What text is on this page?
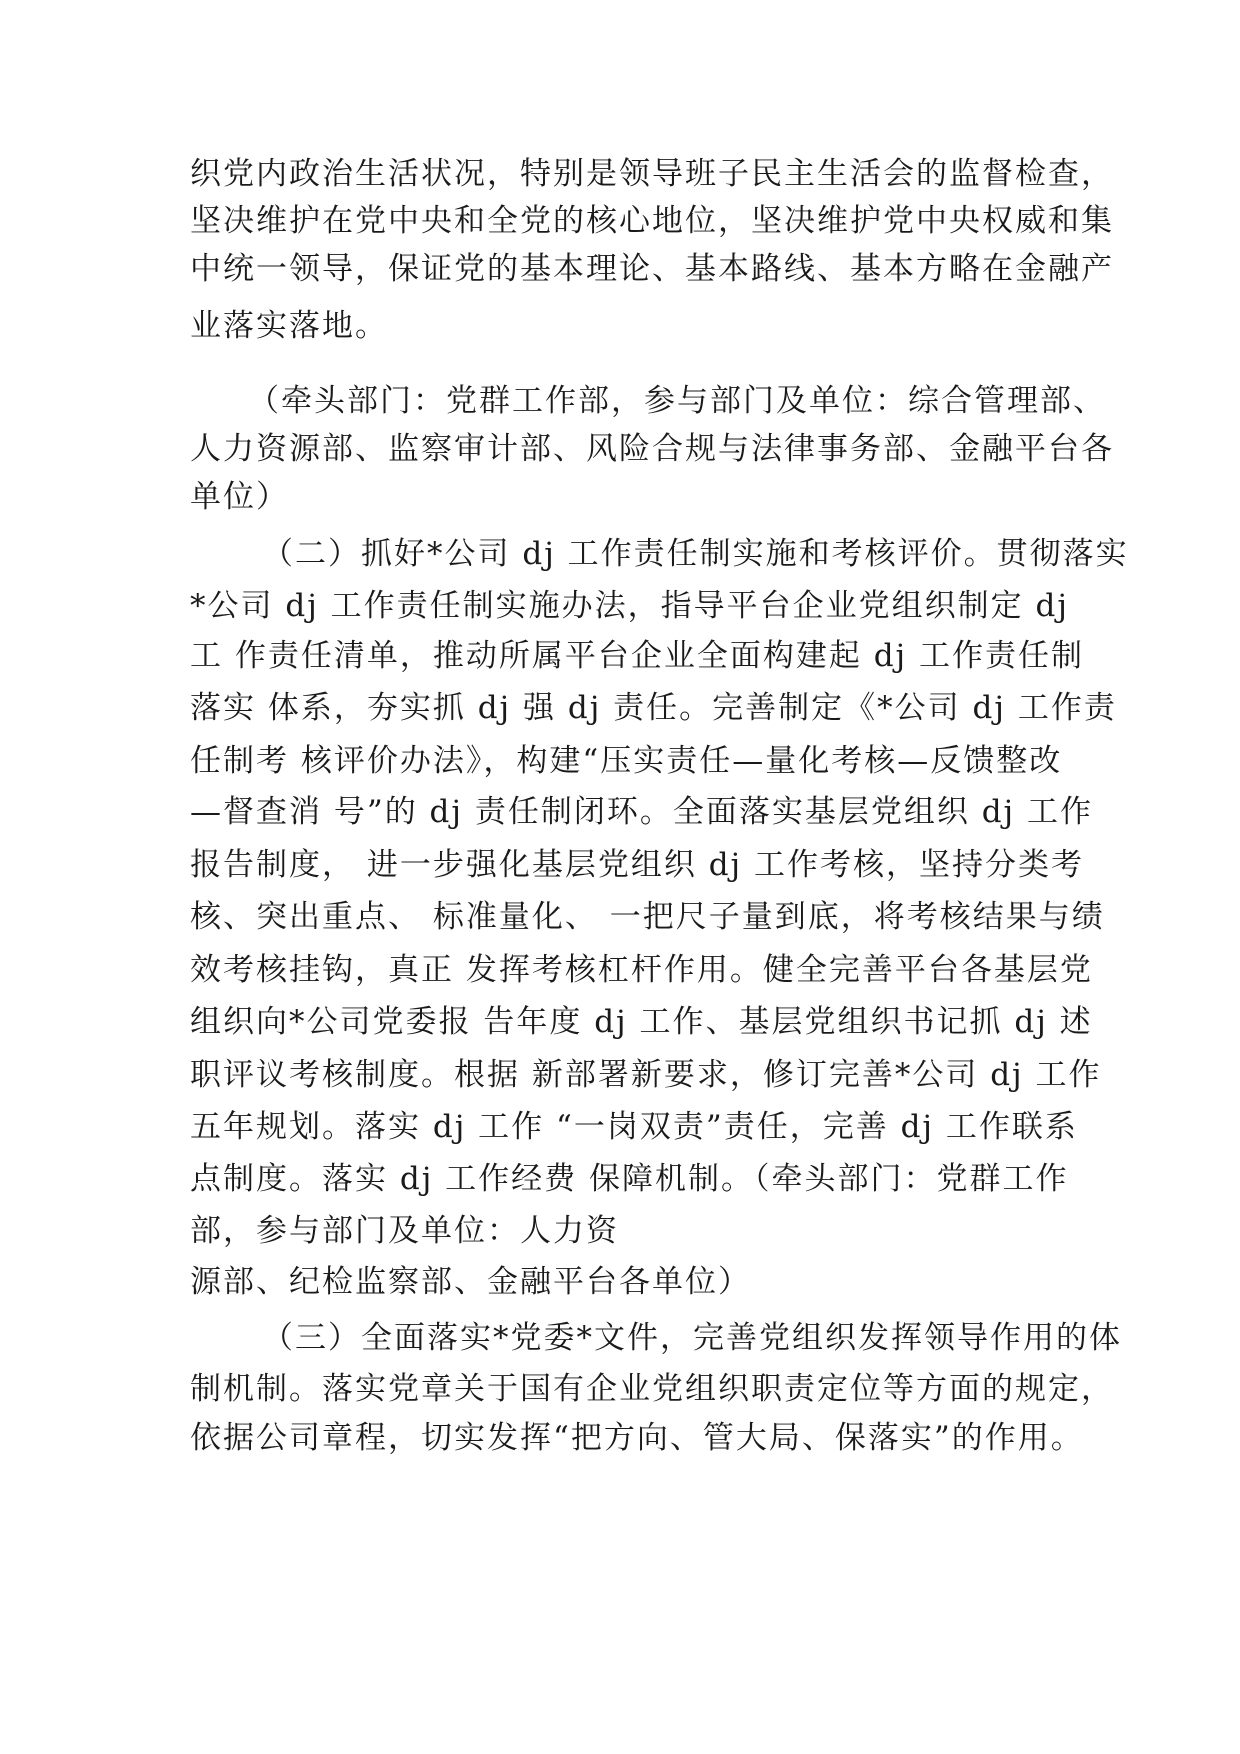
织党内政治生活状况，特别是领导班子民主生活会的监督检查，
坚决维护在党中央和全党的核心地位，坚决维护党中央权威和集
中统一领导，保证党的基本理论、基本路线、基本方略在金融产
业落实落地。
（牵头部门：党群工作部，参与部门及单位：综合管理部、
人力资源部、监察审计部、风险合规与法律事务部、金融平台各
单位）
（二）抓好*公司 dj 工作责任制实施和考核评价。贯彻落实
*公司 dj 工作责任制实施办法，指导平台企业党组织制定 dj
工 作责任清单，推动所属平台企业全面构建起 dj 工作责任制
落实 体系，夯实抓 dj 强 dj 责任。完善制定《*公司 dj 工作责
任制考 核评价办法》，构建“压实责任—量化考核—反馈整改
—督查消 号”的 dj 责任制闭环。全面落实基层党组织 dj 工作
报告制度， 进一步强化基层党组织 dj 工作考核，坚持分类考
核、突出重点、 标准量化、 一把尺子量到底，将考核结果与绩
效考核挂钩，真正 发挥考核杠杆作用。健全完善平台各基层党
组织向*公司党委报 告年度 dj 工作、基层党组织书记抓 dj 述
职评议考核制度。根据 新部署新要求，修订完善*公司 dj 工作
五年规划。落实 dj 工作 “一岗双责”责任，完善 dj 工作联系
点制度。落实 dj 工作经费 保障机制。（牵头部门：党群工作
部，参与部门及单位：人力资
源部、纪检监察部、金融平台各单位）
（三）全面落实*党委*文件，完善党组织发挥领导作用的体
制机制。落实党章关于国有企业党组织职责定位等方面的规定，
依据公司章程，切实发挥“把方向、管大局、保落实”的作用。
